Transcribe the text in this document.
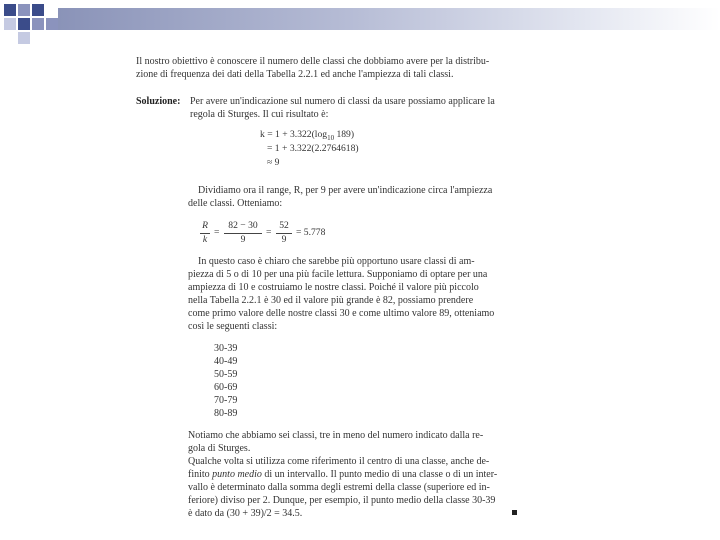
Il nostro obiettivo è conoscere il numero delle classi che dobbiamo avere per la distribu-
zione di frequenza dei dati della Tabella 2.2.1 ed anche l'ampiezza di tali classi.
Soluzione: Per avere un'indicazione sul numero di classi da usare possiamo applicare la
regola di Sturges. Il cui risultato è:
$k = 1 + 3.322(\log_{10}$ 189)
= 1 + 3.322(2.2764618)
≈ 9
Dividiamo ora il range, R, per 9 per avere un'indicazione circa l'ampiezza
delle classi. Otteniamo:
R
k
=
82 − 30
9
=
52
9
= 5.778
In questo caso è chiaro che sarebbe più opportuno usare classi di am-
piezza di 5 o di 10 per una più facile lettura. Supponiamo di optare per una
ampiezza di 10 e costruiamo le nostre classi. Poiché il valore più piccolo
nella Tabella 2.2.1 è 30 ed il valore più grande è 82, possiamo prendere
come primo valore delle nostre classi 30 e come ultimo valore 89, otteniamo
così le seguenti classi:
30-39
40-49
50-59
60-69
70-79
80-89
Notiamo che abbiamo sei classi, tre in meno del numero indicato dalla re-
gola di Sturges.
Qualche volta si utilizza come riferimento il centro di una classe, anche de-
finito punto medio di un intervallo. Il punto medio di una classe o di un inter-
vallo è determinato dalla somma degli estremi della classe (superiore ed in-
feriore) diviso per 2. Dunque, per esempio, il punto medio della classe 30-39
è dato da (30 + 39)/2 = 34.5.
